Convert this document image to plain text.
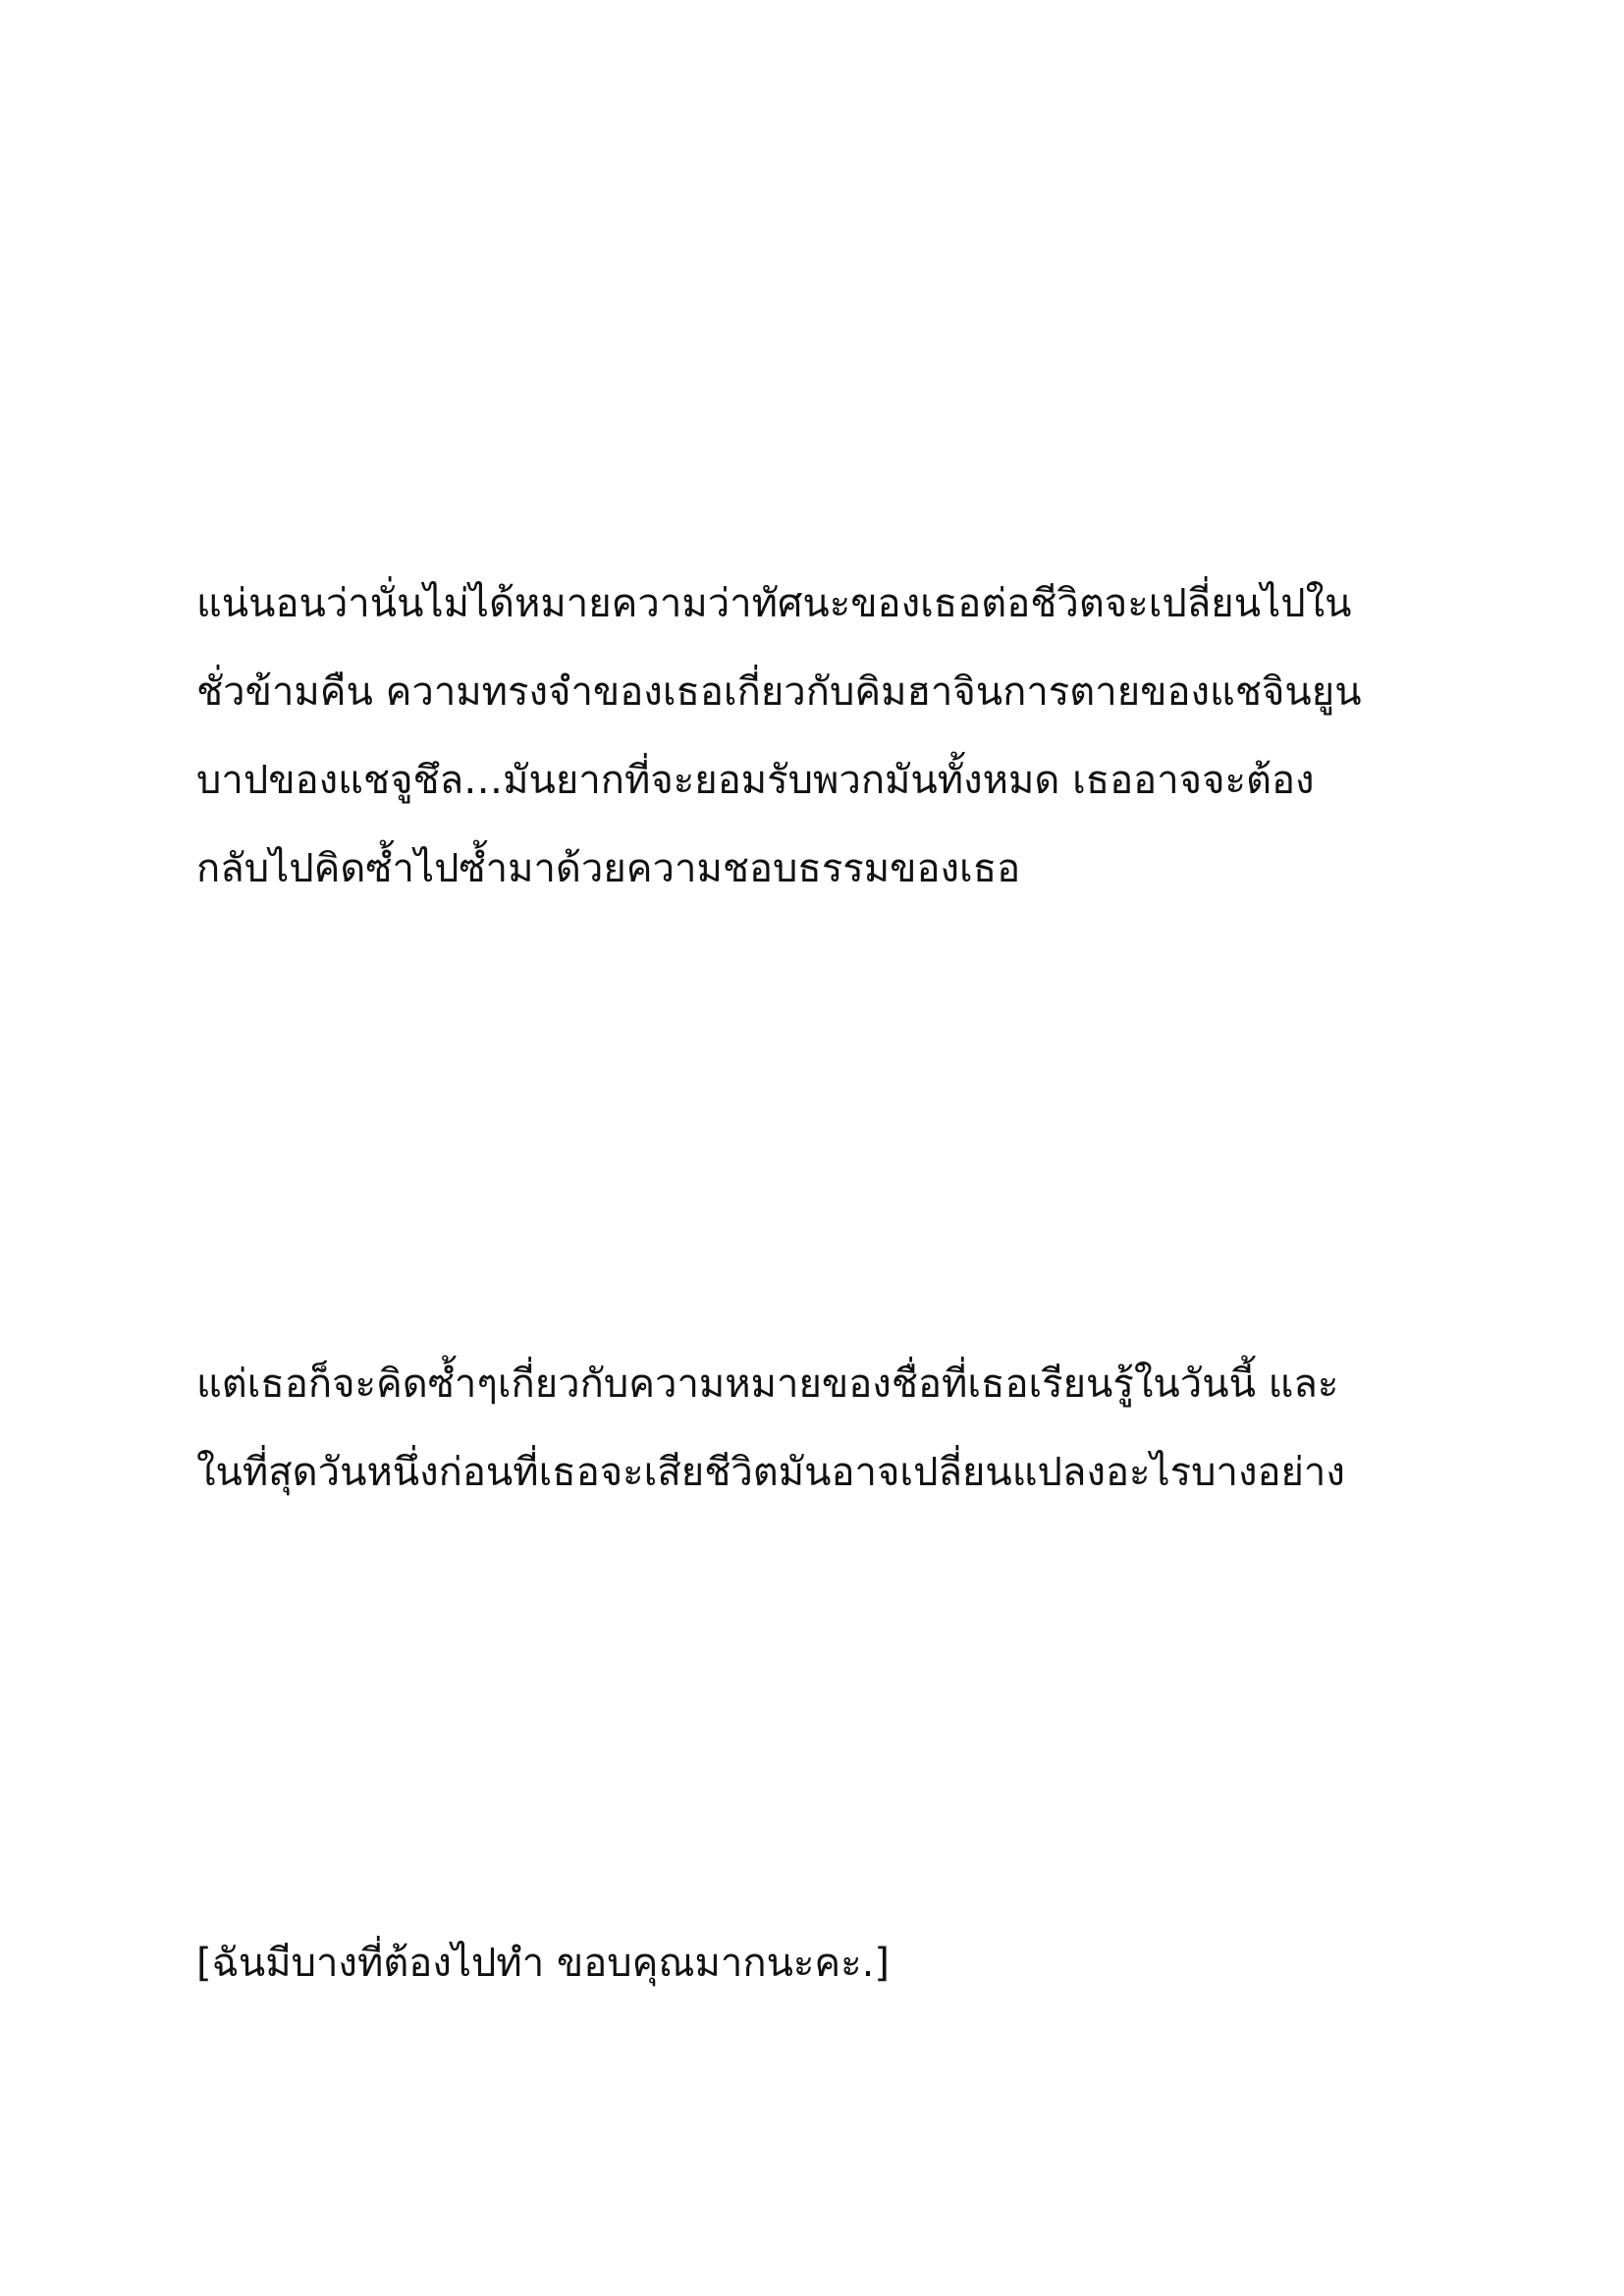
แน่นอนว่านั่นไม่ได้หมายความว่าทัศนะของเธอต่อชีวิตจะเปลี่ยนไปใน
ชั่วข้ามคืน ความทรงจำของเธอเกี่ยวกับคิมฮาจินการตายของแชจินยูน
บาปของแชจูชึล…มันยากที่จะยอมรับพวกมันทั้งหมด เธออาจจะต้อง
กลับไปคิดซ้ำไปซ้ำมาด้วยความชอบธรรมของเธอ
แต่เธอก็จะคิดซ้ำๆเกี่ยวกับความหมายของชื่อที่เธอเรียนรู้ในวันนี้ และ
ในที่สุดวันหนึ่งก่อนที่เธอจะเสียชีวิตมันอาจเปลี่ยนแปลงอะไรบางอย่าง
[ฉันมีบางที่ต้องไปทำ ขอบคุณมากนะคะ.]
